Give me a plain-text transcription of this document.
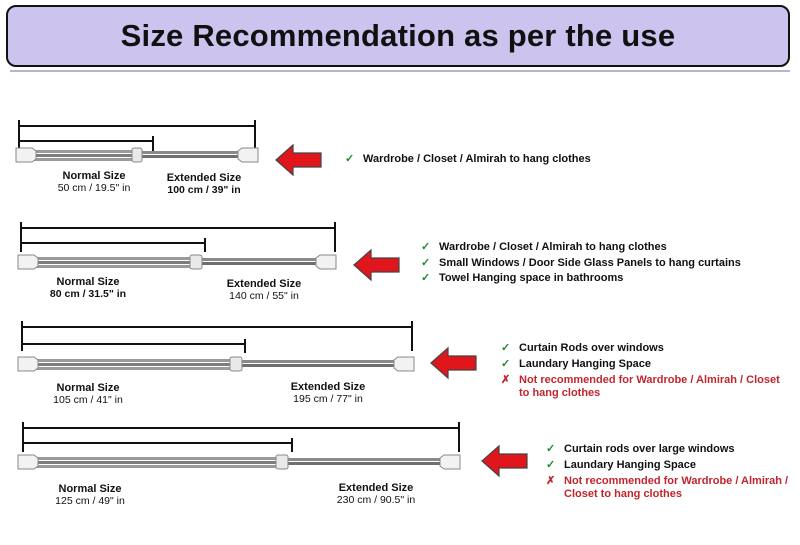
Size Recommendation as per the use
Normal Size
50 cm / 19.5" in
Extended Size
100 cm / 39" in
✓ Wardrobe / Closet / Almirah to hang clothes
Normal Size
80 cm / 31.5" in
Extended Size
140 cm / 55" in
✓ Wardrobe / Closet / Almirah to hang clothes
✓ Small Windows / Door Side Glass Panels to hang curtains
✓ Towel Hanging space in bathrooms
Normal Size
105 cm / 41" in
Extended Size
195 cm / 77" in
✓ Curtain Rods over windows
✓ Laundary Hanging Space
✗ Not recommended for Wardrobe / Almirah / Closet to hang clothes
Normal Size
125 cm / 49" in
Extended Size
230 cm / 90.5" in
✓ Curtain rods over large windows
✓ Laundary Hanging Space
✗ Not recommended for Wardrobe / Almirah / Closet to hang clothes
